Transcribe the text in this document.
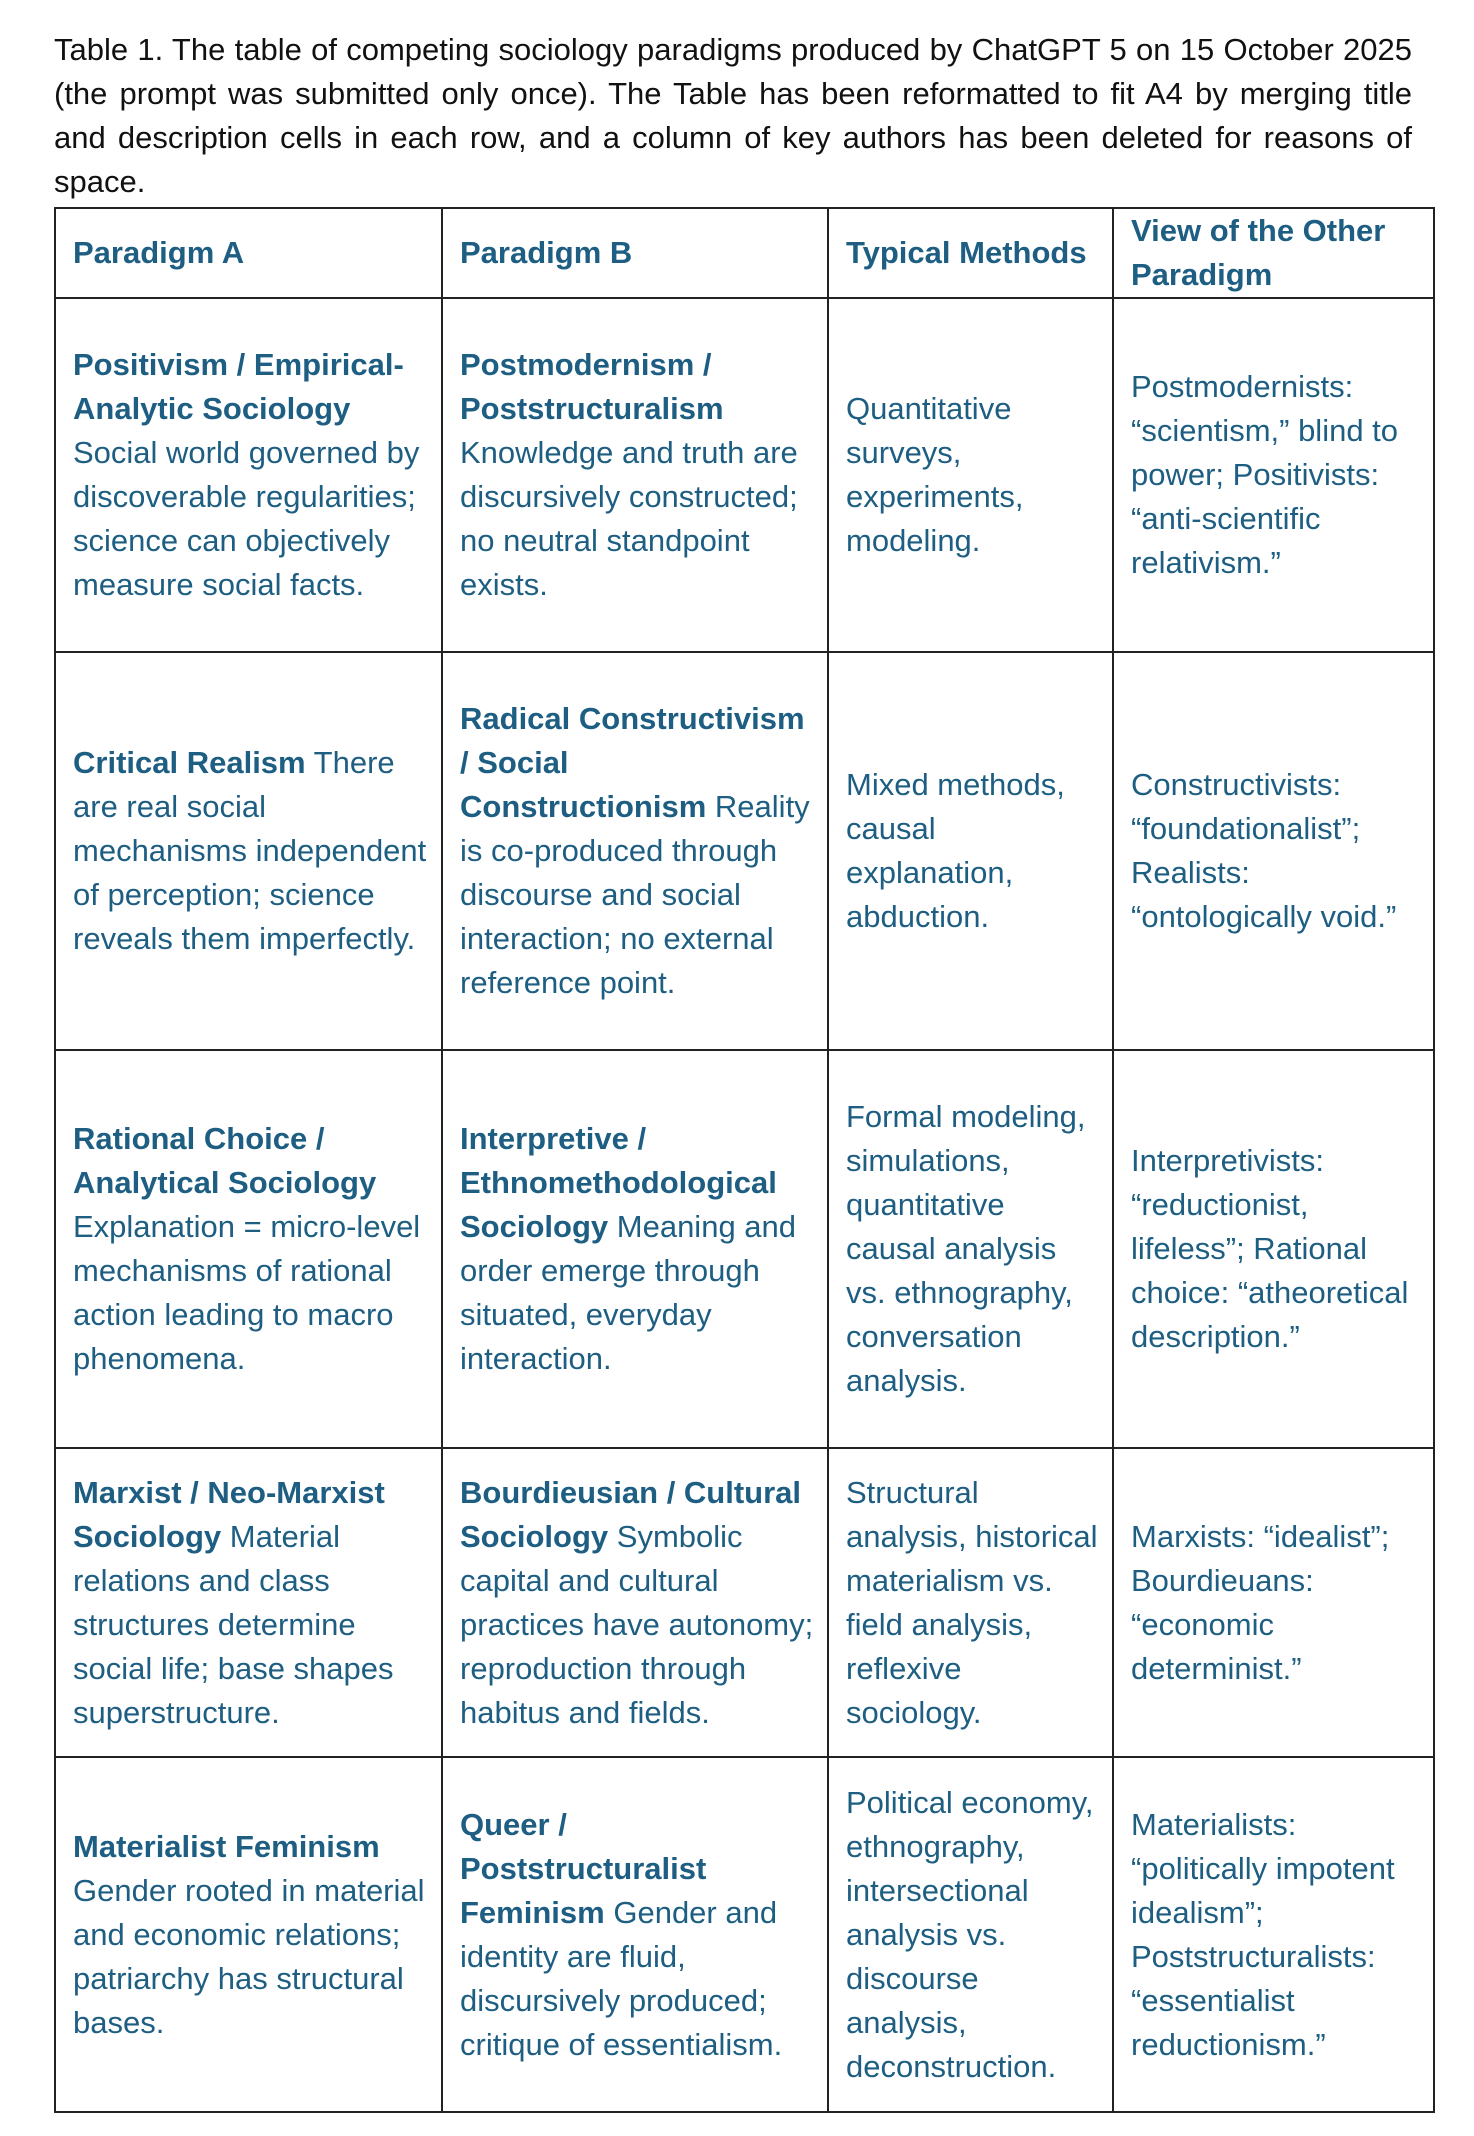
Table 1. The table of competing sociology paradigms produced by ChatGPT 5 on 15 October 2025 (the prompt was submitted only once). The Table has been reformatted to fit A4 by merging title and description cells in each row, and a column of key authors has been deleted for reasons of space.
Paradigm A	Paradigm B	Typical Methods	View of the Other Paradigm
Positivism / Empirical-Analytic Sociology Social world governed by discoverable regularities; science can objectively measure social facts.	Postmodernism / Poststructuralism Knowledge and truth are discursively constructed; no neutral standpoint exists.	Quantitative surveys, experiments, modeling.	Postmodernists: “scientism,” blind to power; Positivists: “anti-scientific relativism.”
Critical Realism There are real social mechanisms independent of perception; science reveals them imperfectly.	Radical Constructivism / Social Constructionism Reality is co-produced through discourse and social interaction; no external reference point.	Mixed methods, causal explanation, abduction.	Constructivists: “foundationalist”; Realists: “ontologically void.”
Rational Choice / Analytical Sociology Explanation = micro-level mechanisms of rational action leading to macro phenomena.	Interpretive / Ethnomethodological Sociology Meaning and order emerge through situated, everyday interaction.	Formal modeling, simulations, quantitative causal analysis vs. ethnography, conversation analysis.	Interpretivists: “reductionist, lifeless”; Rational choice: “atheoretical description.”
Marxist / Neo-Marxist Sociology Material relations and class structures determine social life; base shapes superstructure.	Bourdieusian / Cultural Sociology Symbolic capital and cultural practices have autonomy; reproduction through habitus and fields.	Structural analysis, historical materialism vs. field analysis, reflexive sociology.	Marxists: “idealist”; Bourdieuans: “economic determinist.”
Materialist Feminism Gender rooted in material and economic relations; patriarchy has structural bases.	Queer / Poststructuralist Feminism Gender and identity are fluid, discursively produced; critique of essentialism.	Political economy, ethnography, intersectional analysis vs. discourse analysis, deconstruction.	Materialists: “politically impotent idealism”; Poststructuralists: “essentialist reductionism.”
